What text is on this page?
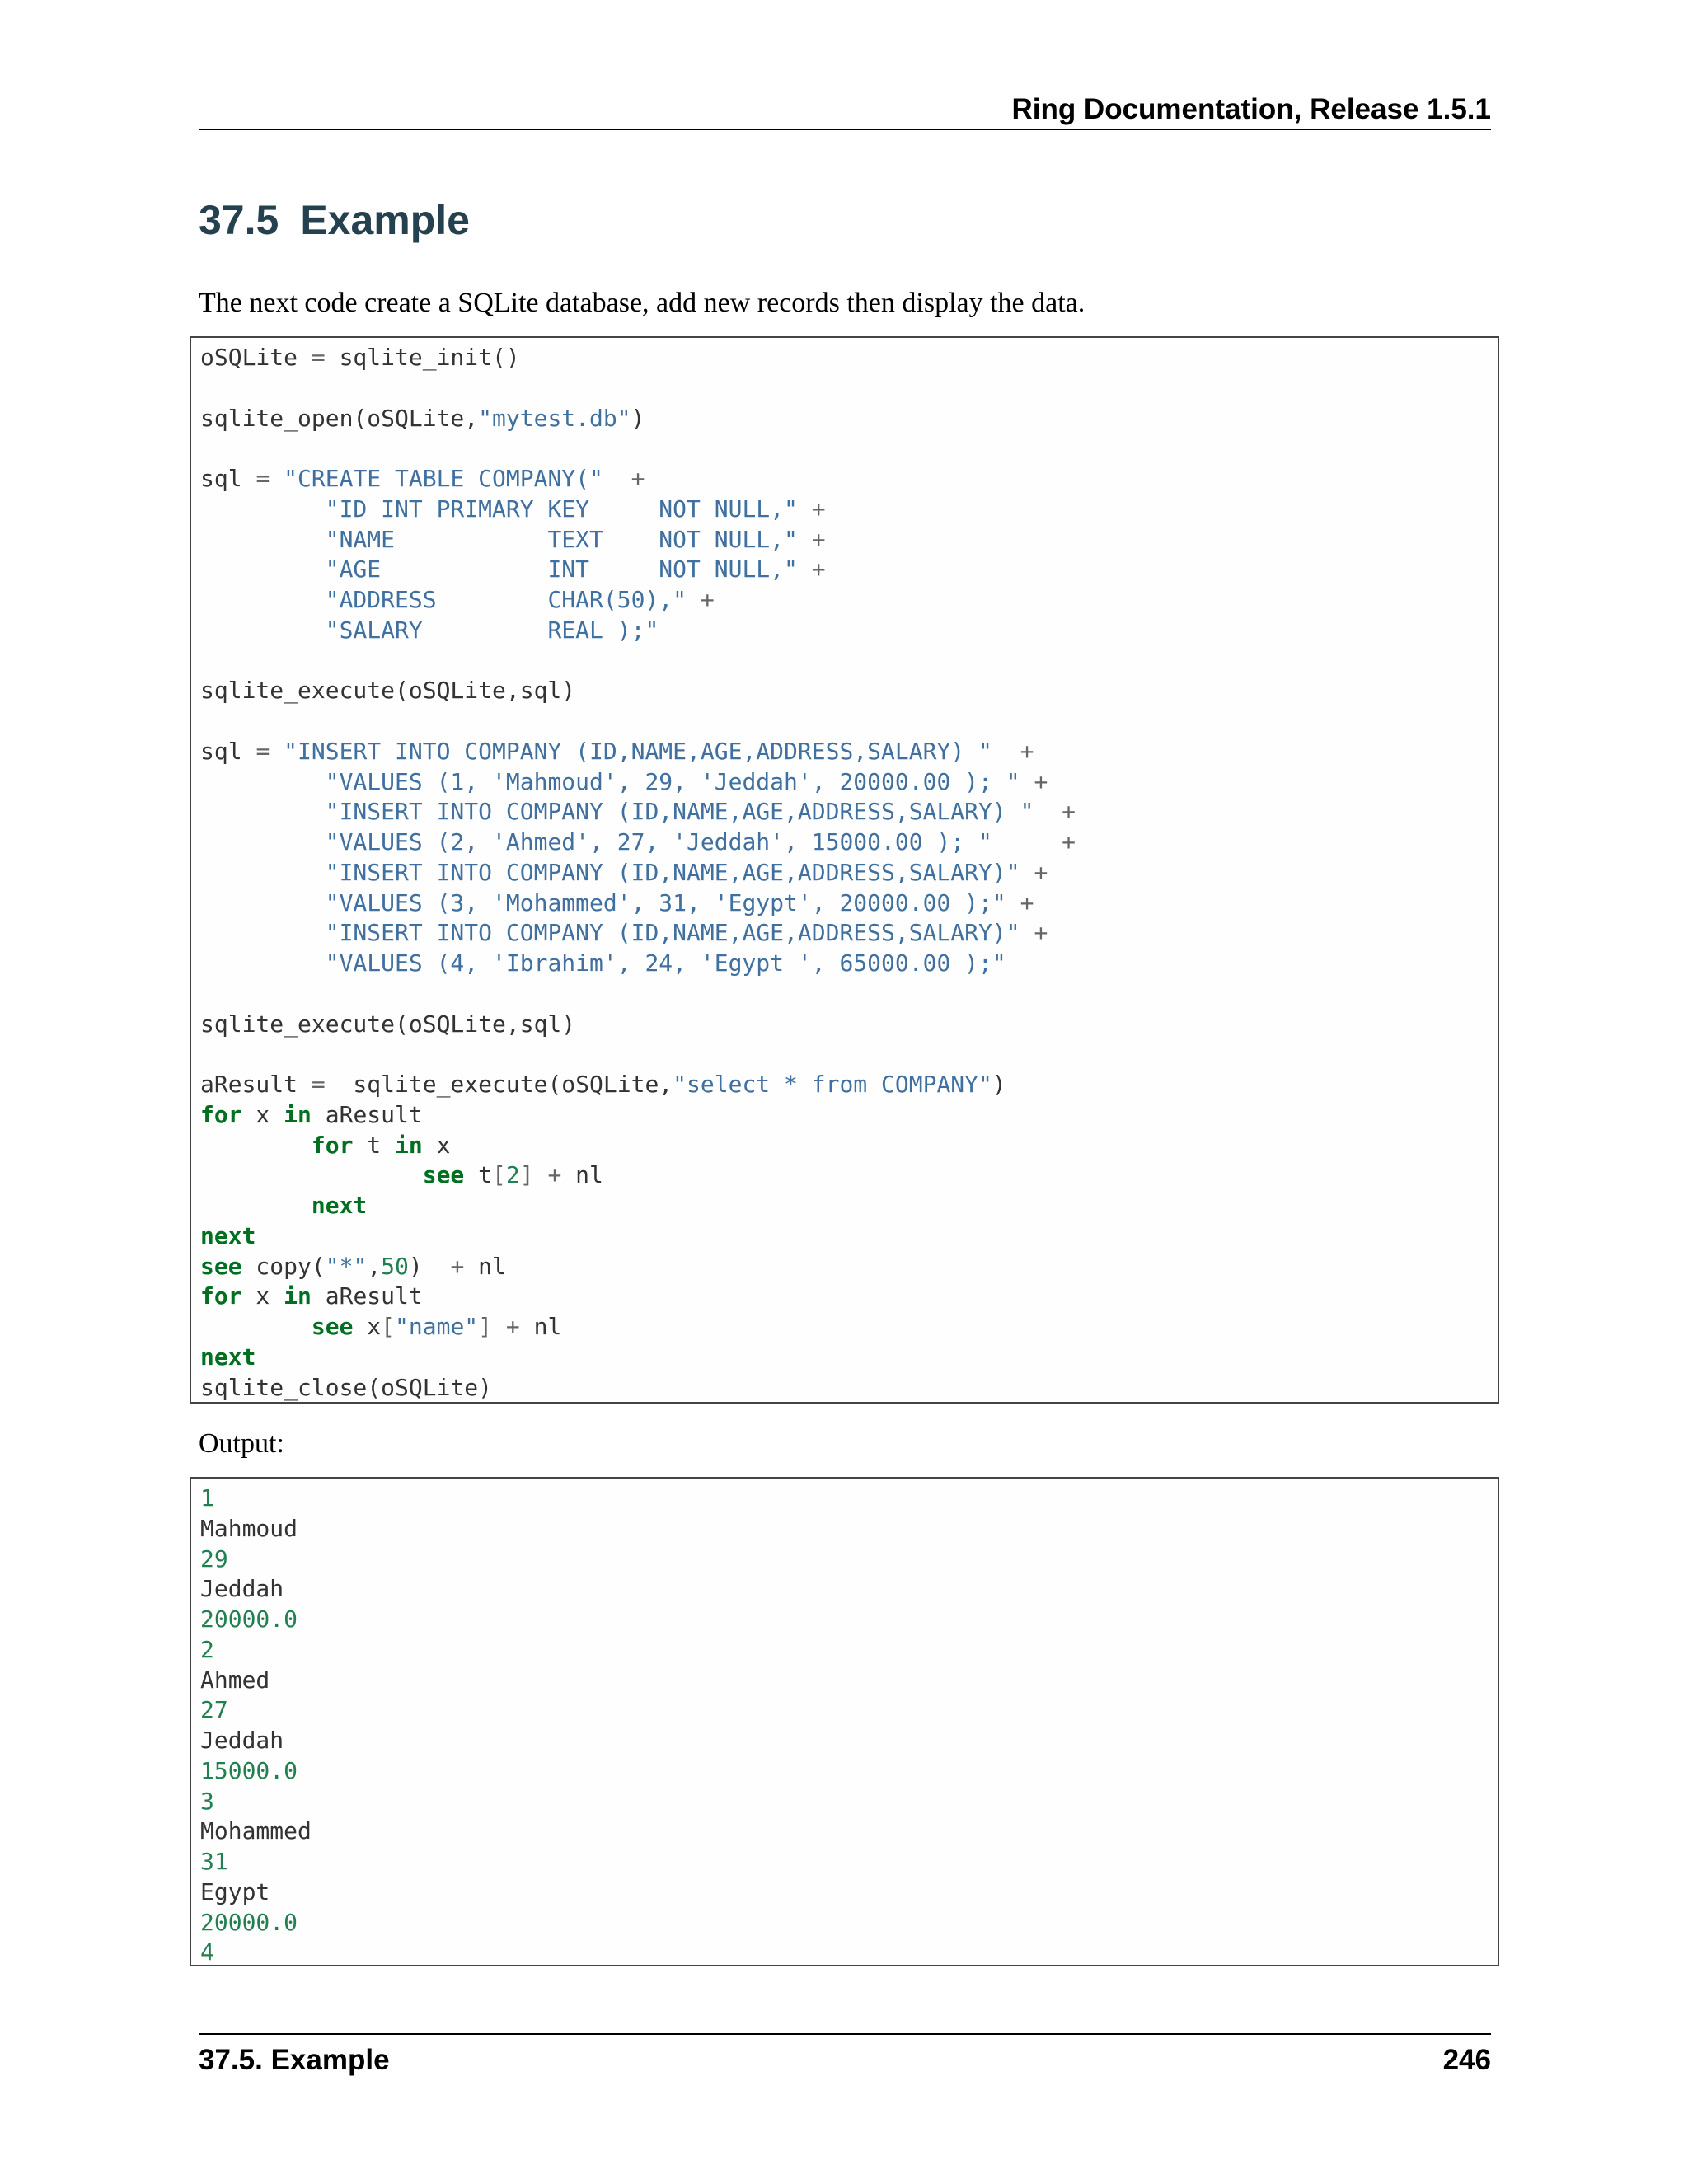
Ring Documentation, Release 1.5.1
37.5 Example
The next code create a SQLite database, add new records then display the data.
oSQLite = sqlite_init()
sqlite_open(oSQLite,"mytest.db")
sql = "CREATE TABLE COMPANY(" +
"ID INT PRIMARY KEY     NOT NULL," +
"NAME           TEXT    NOT NULL," +
"AGE            INT     NOT NULL," +
"ADDRESS        CHAR(50)," +
"SALARY         REAL );"
sqlite_execute(oSQLite,sql)
sql = "INSERT INTO COMPANY (ID,NAME,AGE,ADDRESS,SALARY) " +
"VALUES (1, 'Mahmoud', 29, 'Jeddah', 20000.00 ); " +
"INSERT INTO COMPANY (ID,NAME,AGE,ADDRESS,SALARY) " +
"VALUES (2, 'Ahmed', 27, 'Jeddah', 15000.00 ); "	+
"INSERT INTO COMPANY (ID,NAME,AGE,ADDRESS,SALARY)" +
"VALUES (3, 'Mohammed', 31, 'Egypt', 20000.00 );" +
"INSERT INTO COMPANY (ID,NAME,AGE,ADDRESS,SALARY)" +
"VALUES (4, 'Ibrahim', 24, 'Egypt ', 65000.00 );"
sqlite_execute(oSQLite,sql)
aResult =  sqlite_execute(oSQLite,"select * from COMPANY")
for x in aResult
for t in x
see t[2] + nl
next
next
see copy("*",50)  + nl
for x in aResult
see x["name"] + nl
next
sqlite_close(oSQLite)
Output:
1
Mahmoud
29
Jeddah
20000.0
2
Ahmed
27
Jeddah
15000.0
3
Mohammed
31
Egypt
20000.0
4
37.5. Example	246
